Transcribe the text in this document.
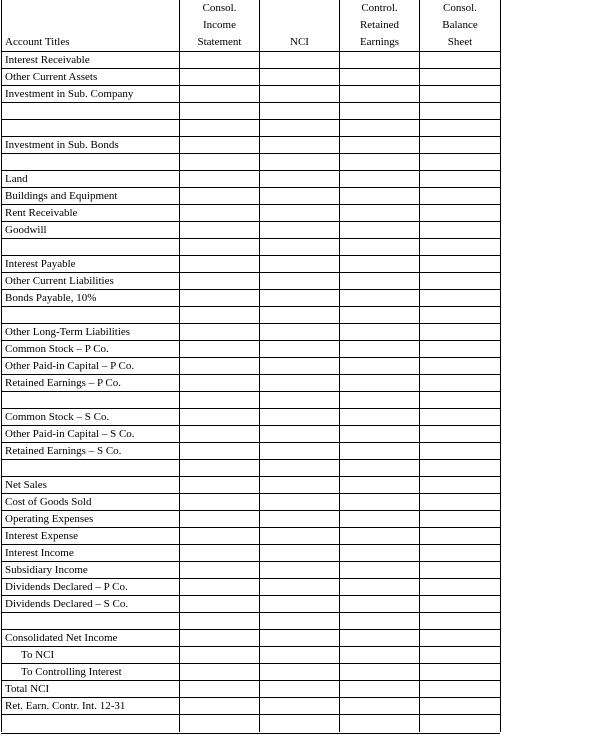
Account Titles
Consol.
Income
Statement	NCI
Control.
Retained
Earnings
Consol.
Balance
Sheet
Interest Receivable
Other Current Assets
Investment in Sub. Company
Investment in Sub. Bonds
Land
Buildings and Equipment
Rent Receivable
Goodwill
Interest Payable
Other Current Liabilities
Bonds Payable, 10%
Other Long-Term Liabilities
Common Stock – P Co.
Other Paid-in Capital – P Co.
Retained Earnings – P Co.
Common Stock – S Co.
Other Paid-in Capital – S Co.
Retained Earnings – S Co.
Net Sales
Cost of Goods Sold
Operating Expenses
Interest Expense
Interest Income
Subsidiary Income
Dividends Declared – P Co.
Dividends Declared – S Co.
Consolidated Net Income
To NCI
To Controlling Interest
Total NCI
Ret. Earn. Contr. Int. 12-31
